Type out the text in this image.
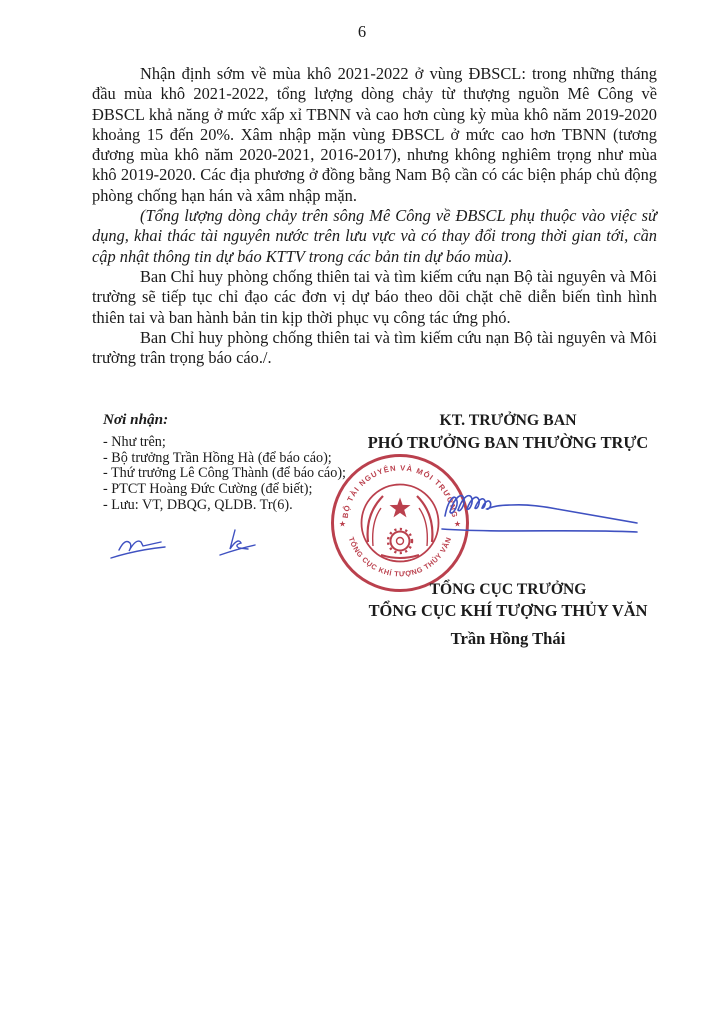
6

Nhận định sớm về mùa khô 2021-2022 ở vùng ĐBSCL: trong những tháng đầu mùa khô 2021-2022, tổng lượng dòng chảy từ thượng nguồn Mê Công về ĐBSCL khả năng ở mức xấp xỉ TBNN và cao hơn cùng kỳ mùa khô năm 2019-2020 khoảng 15 đến 20%. Xâm nhập mặn vùng ĐBSCL ở mức cao hơn TBNN (tương đương mùa khô năm 2020-2021, 2016-2017), nhưng không nghiêm trọng như mùa khô 2019-2020. Các địa phương ở đồng bằng Nam Bộ cần có các biện pháp chủ động phòng chống hạn hán và xâm nhập mặn.

(Tổng lượng dòng chảy trên sông Mê Công về ĐBSCL phụ thuộc vào việc sử dụng, khai thác tài nguyên nước trên lưu vực và có thay đổi trong thời gian tới, cần cập nhật thông tin dự báo KTTV trong các bản tin dự báo mùa).

Ban Chỉ huy phòng chống thiên tai và tìm kiếm cứu nạn Bộ tài nguyên và Môi trường sẽ tiếp tục chỉ đạo các đơn vị dự báo theo dõi chặt chẽ diễn biến tình hình thiên tai và ban hành bản tin kịp thời phục vụ công tác ứng phó.

Ban Chỉ huy phòng chống thiên tai và tìm kiếm cứu nạn Bộ tài nguyên và Môi trường trân trọng báo cáo./.

Nơi nhận:
- Như trên;
- Bộ trưởng Trần Hồng Hà (để báo cáo);
- Thứ trưởng Lê Công Thành (để báo cáo);
- PTCT Hoàng Đức Cường (để biết);
- Lưu: VT, DBQG, QLDB. Tr(6).
KT. TRƯỞNG BAN
PHÓ TRƯỞNG BAN THƯỜNG TRỰC
BỘ TÀI NGUYÊN VÀ MÔI TRƯỜNG
TỔNG CỤC KHÍ TƯỢNG THỦY VĂN
★	★
TỔNG CỤC TRƯỞNG
TỔNG CỤC KHÍ TƯỢNG THỦY VĂN
Trần Hồng Thái
